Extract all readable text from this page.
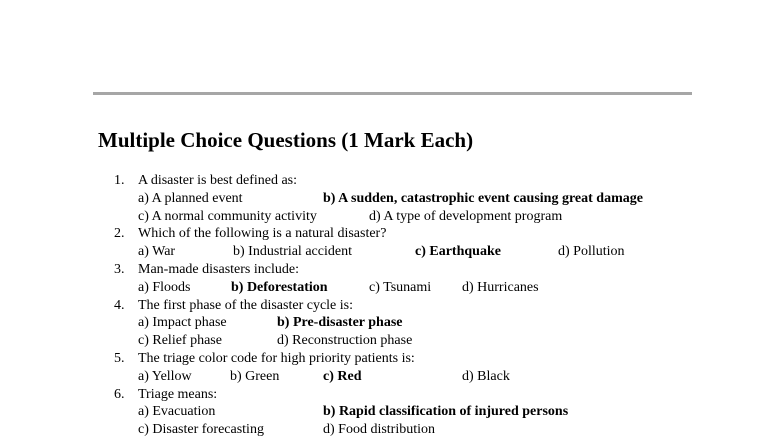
Multiple Choice Questions (1 Mark Each)
1. A disaster is best defined as:
a) A planned event	b) A sudden, catastrophic event causing great damage
c) A normal community activity	d) A type of development program
2. Which of the following is a natural disaster?
a) War	b) Industrial accident	c) Earthquake	d) Pollution
3. Man-made disasters include:
a) Floods	b) Deforestation	c) Tsunami d) Hurricanes
4. The first phase of the disaster cycle is:
a) Impact phase	b) Pre-disaster phase
c) Relief phase	d) Reconstruction phase
5. The triage color code for high priority patients is:
a) Yellow	b) Green	c) Red	d) Black
6. Triage means:
a) Evacuation	b) Rapid classification of injured persons
c) Disaster forecasting	d) Food distribution
